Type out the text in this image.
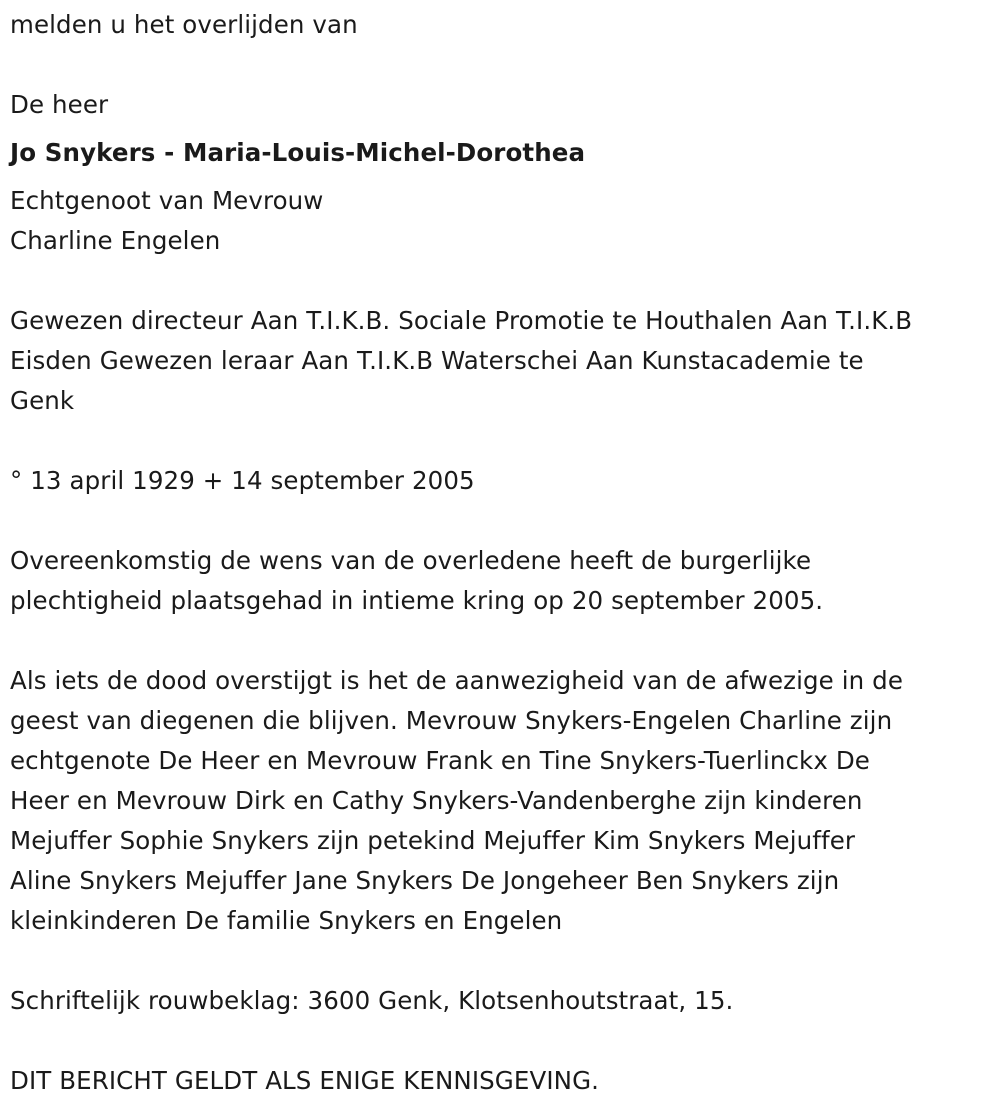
melden u het overlijden van
De heer
Jo Snykers - Maria-Louis-Michel-Dorothea
Echtgenoot van Mevrouw
Charline Engelen
Gewezen directeur Aan T.I.K.B. Sociale Promotie te Houthalen Aan T.I.K.B
Eisden Gewezen leraar Aan T.I.K.B Waterschei Aan Kunstacademie te
Genk
° 13 april 1929 + 14 september 2005
Overeenkomstig de wens van de overledene heeft de burgerlijke
plechtigheid plaatsgehad in intieme kring op 20 september 2005.
Als iets de dood overstijgt is het de aanwezigheid van de afwezige in de
geest van diegenen die blijven. Mevrouw Snykers-Engelen Charline zijn
echtgenote De Heer en Mevrouw Frank en Tine Snykers-Tuerlinckx De
Heer en Mevrouw Dirk en Cathy Snykers-Vandenberghe zijn kinderen
Mejuffer Sophie Snykers zijn petekind Mejuffer Kim Snykers Mejuffer
Aline Snykers Mejuffer Jane Snykers De Jongeheer Ben Snykers zijn
kleinkinderen De familie Snykers en Engelen
Schriftelijk rouwbeklag: 3600 Genk, Klotsenhoutstraat, 15.
DIT BERICHT GELDT ALS ENIGE KENNISGEVING.
